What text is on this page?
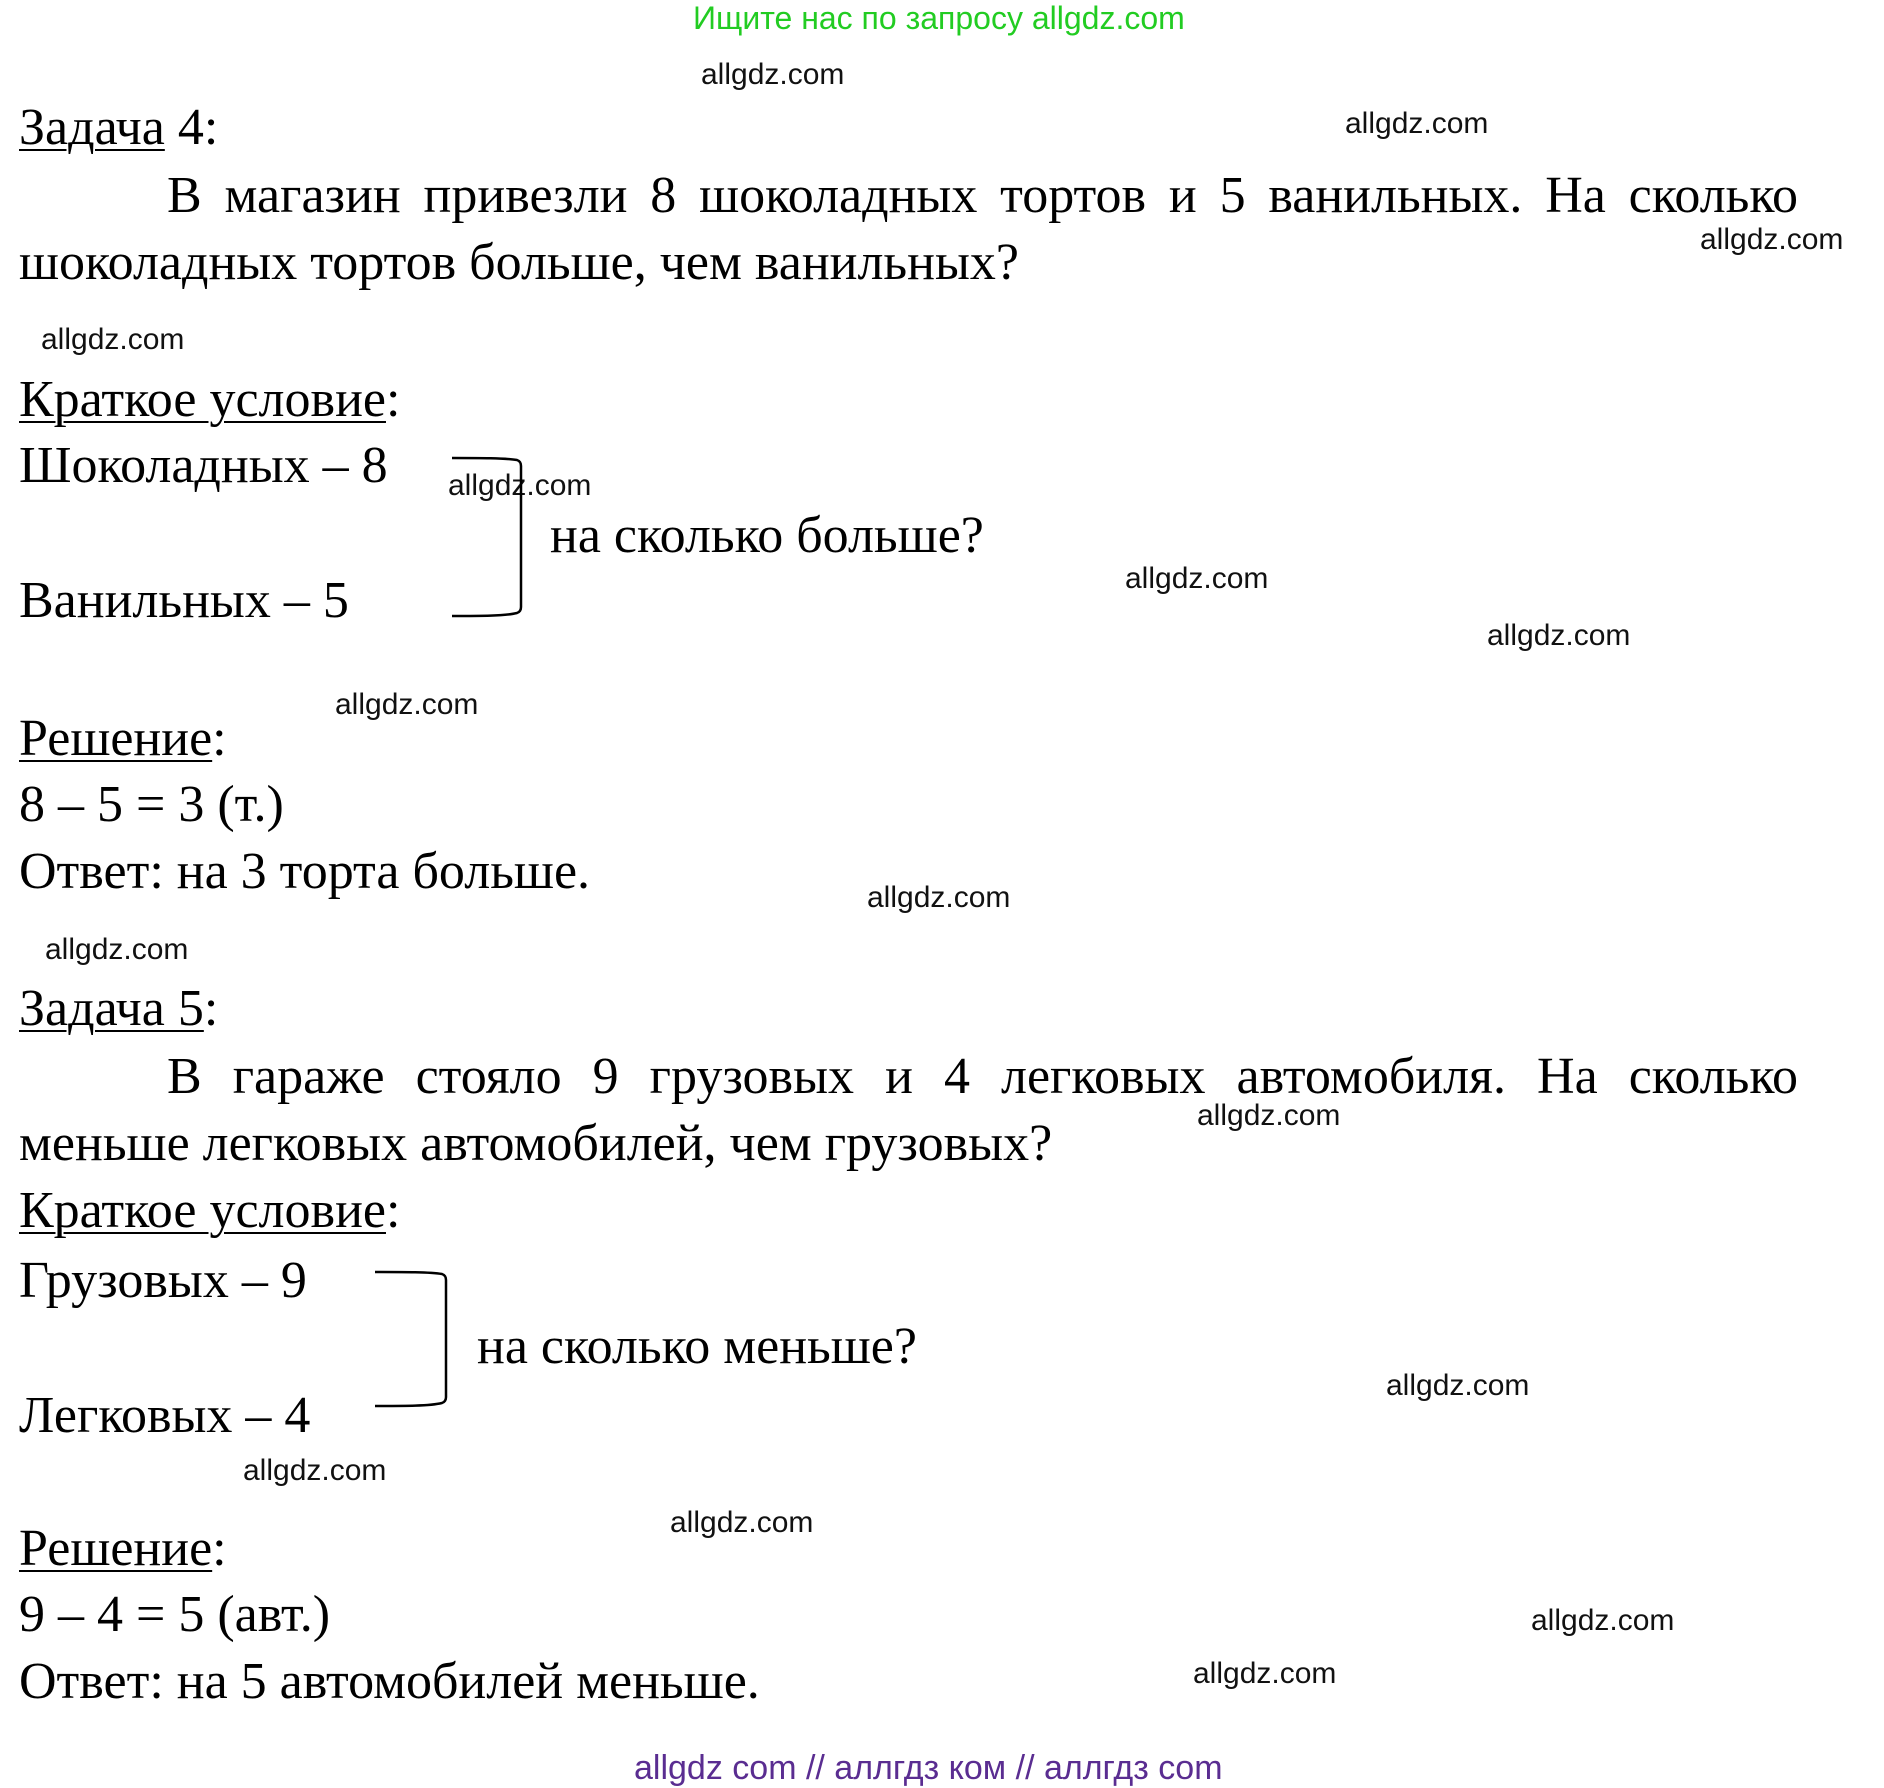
Ищите нас по запросу allgdz.com
allgdz.com
allgdz.com
allgdz.com
allgdz.com
allgdz.com
allgdz.com
allgdz.com
allgdz.com
allgdz.com
allgdz.com
allgdz.com
allgdz.com
allgdz.com
allgdz.com
allgdz.com
allgdz.com
Задача 4:
В магазин привезли 8 шоколадных тортов и 5 ванильных. На сколько шоколадных тортов больше, чем ванильных?
Краткое условие:
Шоколадных – 8
Ванильных – 5
на сколько больше?
Решение:
8 – 5 = 3 (т.)
Ответ: на 3 торта больше.
Задача 5:
В гараже стояло 9 грузовых и 4 легковых автомобиля. На сколько меньше легковых автомобилей, чем грузовых?
Краткое условие:
Грузовых – 9
Легковых – 4
на сколько меньше?
Решение:
9 – 4 = 5 (авт.)
Ответ: на 5 автомобилей меньше.
allgdz com // аллгдз ком // аллгдз com
